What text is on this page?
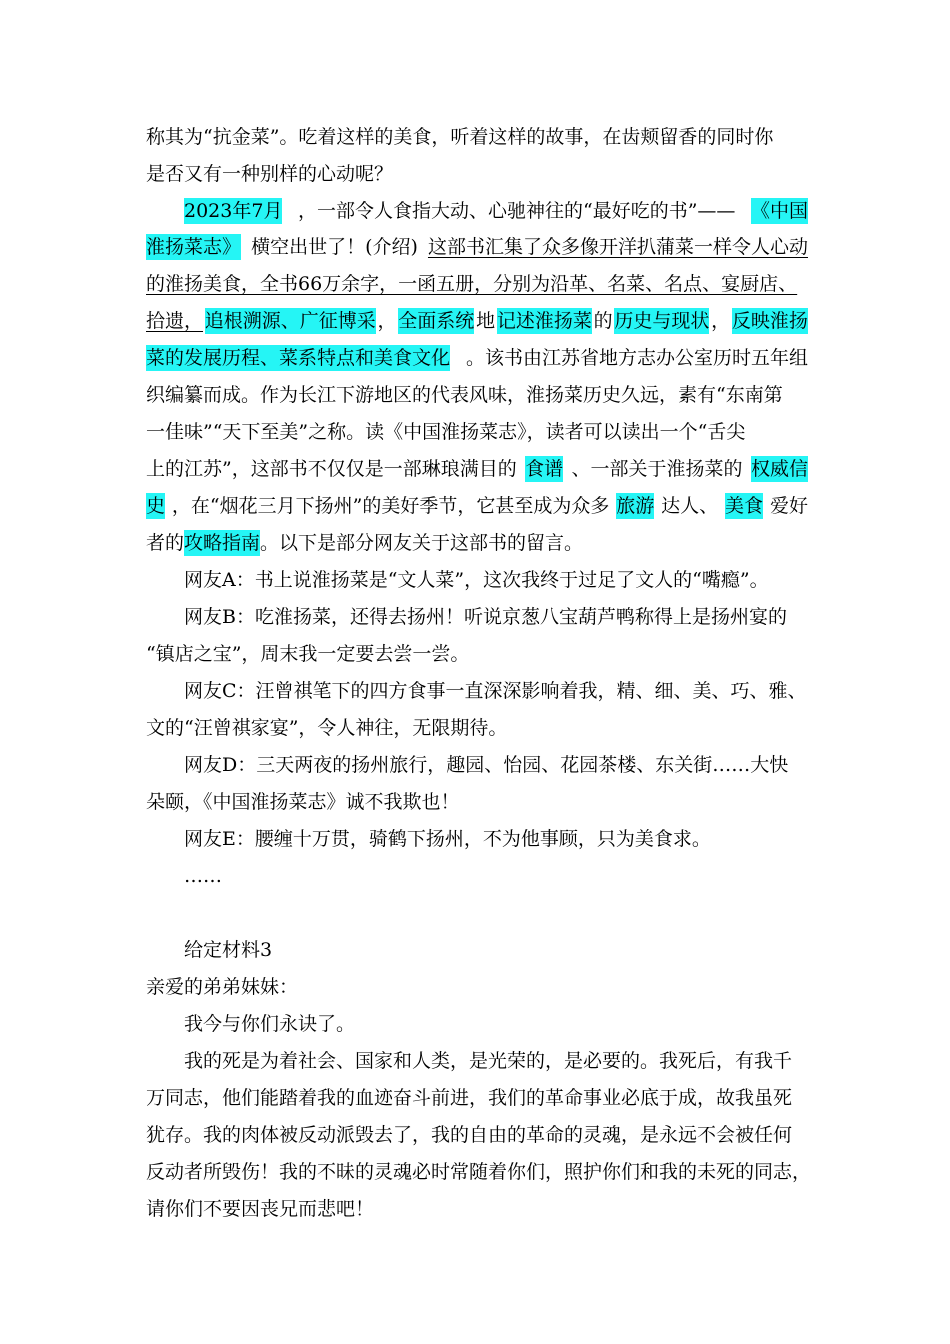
称其为“抗金菜”。吃着这样的美食，听着这样的故事，在齿颊留香的同时你
是否又有一种别样的心动呢？
2023年7月 ，一部令人食指大动、心驰神往的“最好吃的书”—— 《中国
淮扬菜志》 横空出世了！(介绍) 这部书汇集了众多像开洋扒蒲菜一样令人心动
的淮扬美食，全书66万余字，一函五册，分别为沿革、名菜、名点、宴厨店、
拾遗， 追根溯源、广征博采 ， 全面系统 地 记述淮扬菜 的 历史与现状 ， 反映淮扬
菜的发展历程、菜系特点和美食文化 。该书由江苏省地方志办公室历时五年组
织编纂而成。作为长江下游地区的代表风味，淮扬菜历史久远，素有“东南第
一佳味”“天下至美”之称。读《中国淮扬菜志》，读者可以读出一个“舌尖
上的江苏”，这部书不仅仅是一部琳琅满目的 食谱 、一部关于淮扬菜的 权威信
史 ，在“烟花三月下扬州”的美好季节，它甚至成为众多 旅游 达人、 美食 爱好
者的 攻略指南 。以下是部分网友关于这部书的留言。
网友A：书上说淮扬菜是“文人菜”，这次我终于过足了文人的“嘴瘾”。
网友B：吃淮扬菜，还得去扬州！听说京葱八宝葫芦鸭称得上是扬州宴的
“镇店之宝”，周末我一定要去尝一尝。
网友C：汪曾祺笔下的四方食事一直深深影响着我，精、细、美、巧、雅、
文的“汪曾祺家宴”，令人神往，无限期待。
网友D：三天两夜的扬州旅行，趣园、怡园、花园茶楼、东关街……大快
朵颐，《中国淮扬菜志》诚不我欺也！
网友E：腰缠十万贯，骑鹤下扬州，不为他事顾，只为美食求。
……
给定材料3
亲爱的弟弟妹妹：
我今与你们永诀了。
我的死是为着社会、国家和人类，是光荣的，是必要的。我死后，有我千
万同志，他们能踏着我的血迹奋斗前进，我们的革命事业必底于成，故我虽死
犹存。我的肉体被反动派毁去了，我的自由的革命的灵魂，是永远不会被任何
反动者所毁伤！我的不昧的灵魂必时常随着你们，照护你们和我的未死的同志，
请你们不要因丧兄而悲吧！
